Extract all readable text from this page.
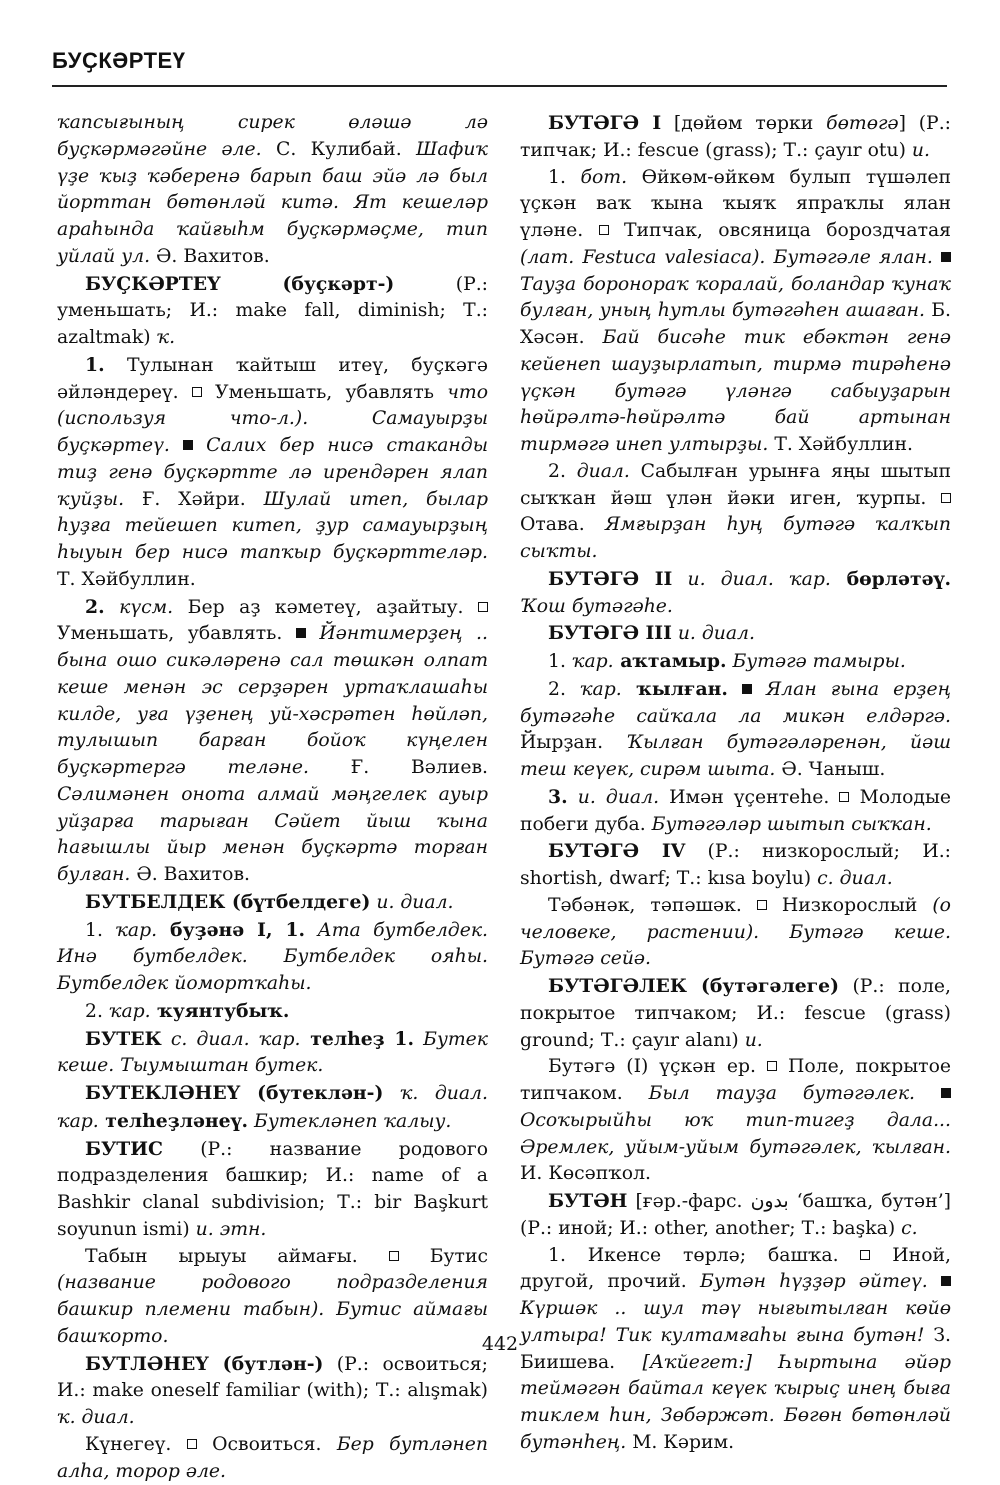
БУҪКӘРТЕҮ

ҡапсығының сирек өләшә лә буҫкәрмәгәйне әле. С. Кулибай. Шафиҡ үҙе ҡыҙ ҡәберенә барып баш эйә лә был йорттан бөтөнләй китә. Ят кешеләр араһында ҡайғыһм буҫкәрмәҫме, тип уйлай ул. Ә. Вахитов.

БУҪКӘРТЕҮ (буҫкәрт-) (Р.: уменьшать; И.: make fall, diminish; Т.: azaltmak) ҡ.

1. Тулынан ҡайтыш итеү, буҫкәгә әйләндереү.  Уменьшать, убавлять что (используя что-л.). Самауырҙы буҫкәртеү.  Салих бер нисә стаканды тиҙ генә буҫкәрттe лә ирендәрен ялап ҡуйҙы. Ғ. Хәйри. Шулай итеп, былар һуҙға тейешеп китеп, ҙур самауырҙың һыуын бер нисә тапҡыр буҫкәрттеләр. Т. Хәйбуллин.

2. күсм. Бер аҙ кәметеү, аҙайтыу.  Уменьшать, убавлять.  Йәнтимерҙең .. бына ошо сикәләренә сал төшкән олпат кеше менән эс серҙәрен уртаҡлашаһы килде, уға үҙенең уй-хәсрәтен һөйләп, тулышып барған бойоҡ күңелен буҫкәртергә теләне. Ғ. Вәлиев. Сәлимәнен онота алмай мәңгелек ауыр уйҙарға тарыған Сәйет йыш ҡына һағышлы йыр менән буҫкәртә торған булған. Ә. Вахитов.

БУТБЕЛДЕК (бүтбелдеге) и. диал.

1. ҡар. буҙәнә I, 1. Ата бутбелдек. Инә бутбелдек. Бутбелдек ояһы. Бутбелдек йомортҡаһы.

2. ҡар. ҡуянтубыҡ.

БУТЕК с. диал. ҡар. телһеҙ 1. Бутек кеше. Тыумыштан бутек.

БУТЕКЛӘНЕҮ (бутеклән-) ҡ. диал. ҡар. телһеҙләнеү. Бутекләнеп ҡалыу.

БУТИС (Р.: название родового подразделения башкир; И.: name of a Bashkir clanal subdivision; Т.: bir Başkurt soyunun ismi) и. этн.

Табын ырыуы аймағы.  Бутис (название родового подразделения башкир племени табын). Бутис аймағы башҡорто.

БУТЛӘНЕҮ (бутлән-) (Р.: освоиться; И.: make oneself familiar (with); Т.: alışmak) ҡ. диал.

Күнегеү.  Освоиться. Бер бутләнеп алһа, торор әле.

БУТӘГӘ I [дөйөм төрки бөтөгә] (Р.: типчак; И.: fescue (grass); Т.: çayır otu) и.

1. бот. Өйкөм-өйкөм булып түшәлеп үҫкән ваҡ ҡына ҡыяҡ япраҡлы ялан үләне.  Типчак, овсяница бороздчатая (лат. Festuca valesiaca). Бутәгәле ялан.  Тауҙа боронораҡ ҡоралай, боландар ҡунаҡ булған, уның һутлы бутәгәһен ашаған. Б. Хәсән. Бай бисәһе тик ебәктән генә кейенеп шауҙырлатып, тирмә тирәһенә үҫкән бутәгә үләнгә сабыуҙарын һөйрәлтә-һөйрәлтә бай артынан тирмәгә инеп ултырҙы. Т. Хәйбуллин.

2. диал. Сабылған урынға яңы шытып сыҡҡан йәш үлән йәки иген, ҡурпы.  Отава. Ямғырҙан һуң бутәгә ҡалҡып сыҡты.

БУТӘГӘ II и. диал. ҡар. бөрләтәү. Ҡош бутәгәһе.

БУТӘГӘ III и. диал.

1. ҡар. аҡтамыр. Бутәгә тамыры.

2. ҡар. ҡылған.  Ялан ғына ерҙең бутәгәһе сайҡала ла микән елдәргә. Йырҙан. Ҡылған бутәгәләренән, йәш теш кеүек, сирәм шыта. Ә. Чаныш.

3. и. диал. Имән үҫентеһе.  Молодые побеги дуба. Бутәгәләр шытып сыҡҡан.

БУТӘГӘ IV (Р.: низкорослый; И.: shortish, dwarf; Т.: kısa boylu) с. диал.

Тәбәнәк, тәпәшәк.  Низкорослый (о человеке, растении). Бутәгә кеше. Бутәгә сейә.

БУТӘГӘЛЕК (бутәгәлеге) (Р.: поле, покрытое типчаком; И.: fescue (grass) ground; Т.: çayır alanı) и.

Бутәгә (I) үҫкән ер.  Поле, покрытое типчаком. Был тауҙа бутәгәлек.  Осоҡырыйһы юҡ тип-тигеҙ дала... Әремлек, уйым-уйым бутәгәлек, ҡылған. И. Көсәпҡол.

БУТӘН [ғәр.-фарс. بدون ‘башҡа, бутән’] (Р.: иной; И.: other, another; Т.: başka) с.

1. Икенсе төрлә; башҡа.  Иной, другой, прочий. Бутән һүҙҙәр әйтеү.  Күршәк .. шул тәү нығытылған көйө ултыра! Тик култамғаһы ғына бутән! З. Биишева. [Аҡйегет:] Һыртына әйәр теймәгән байтал кеүек ҡырыҫ инең быға тиклем һин, Зөбәржәт. Бөгөн бөтөнләй бутәнһең. М. Кәрим.

442
